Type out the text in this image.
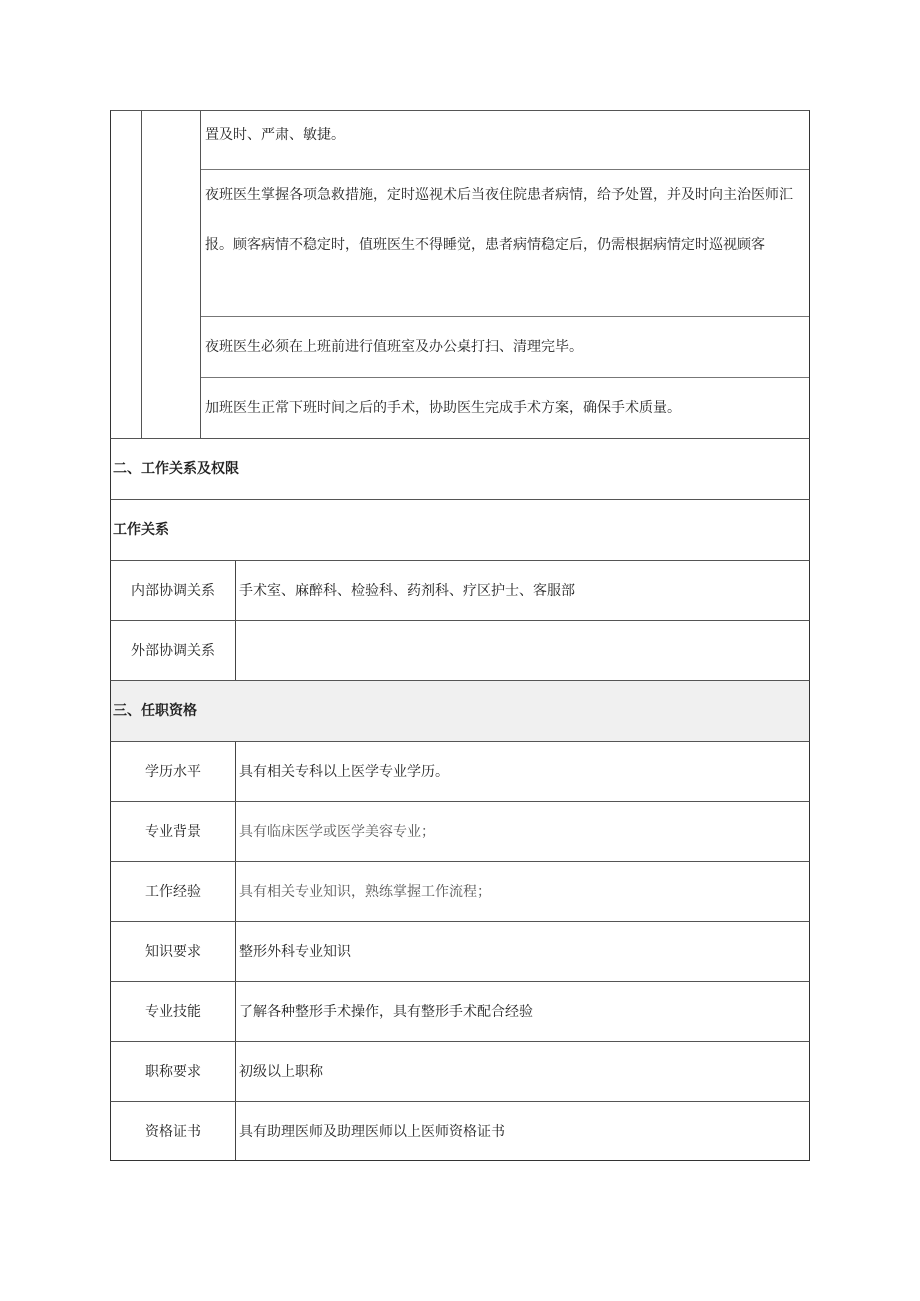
置及时、严肃、敏捷。
夜班医生掌握各项急救措施，定时巡视术后当夜住院患者病情，给予处置，并及时向主治医师汇报。顾客病情不稳定时，值班医生不得睡觉，患者病情稳定后，仍需根据病情定时巡视顾客
夜班医生必须在上班前进行值班室及办公桌打扫、清理完毕。
加班医生正常下班时间之后的手术，协助医生完成手术方案，确保手术质量。
二、工作关系及权限
工作关系
内部协调关系	手术室、麻醉科、检验科、药剂科、疗区护士、客服部
外部协调关系
三、任职资格
学历水平	具有相关专科以上医学专业学历。
专业背景	具有临床医学或医学美容专业；
工作经验	具有相关专业知识，熟练掌握工作流程；
知识要求	整形外科专业知识
专业技能	了解各种整形手术操作，具有整形手术配合经验
职称要求	初级以上职称
资格证书	具有助理医师及助理医师以上医师资格证书
